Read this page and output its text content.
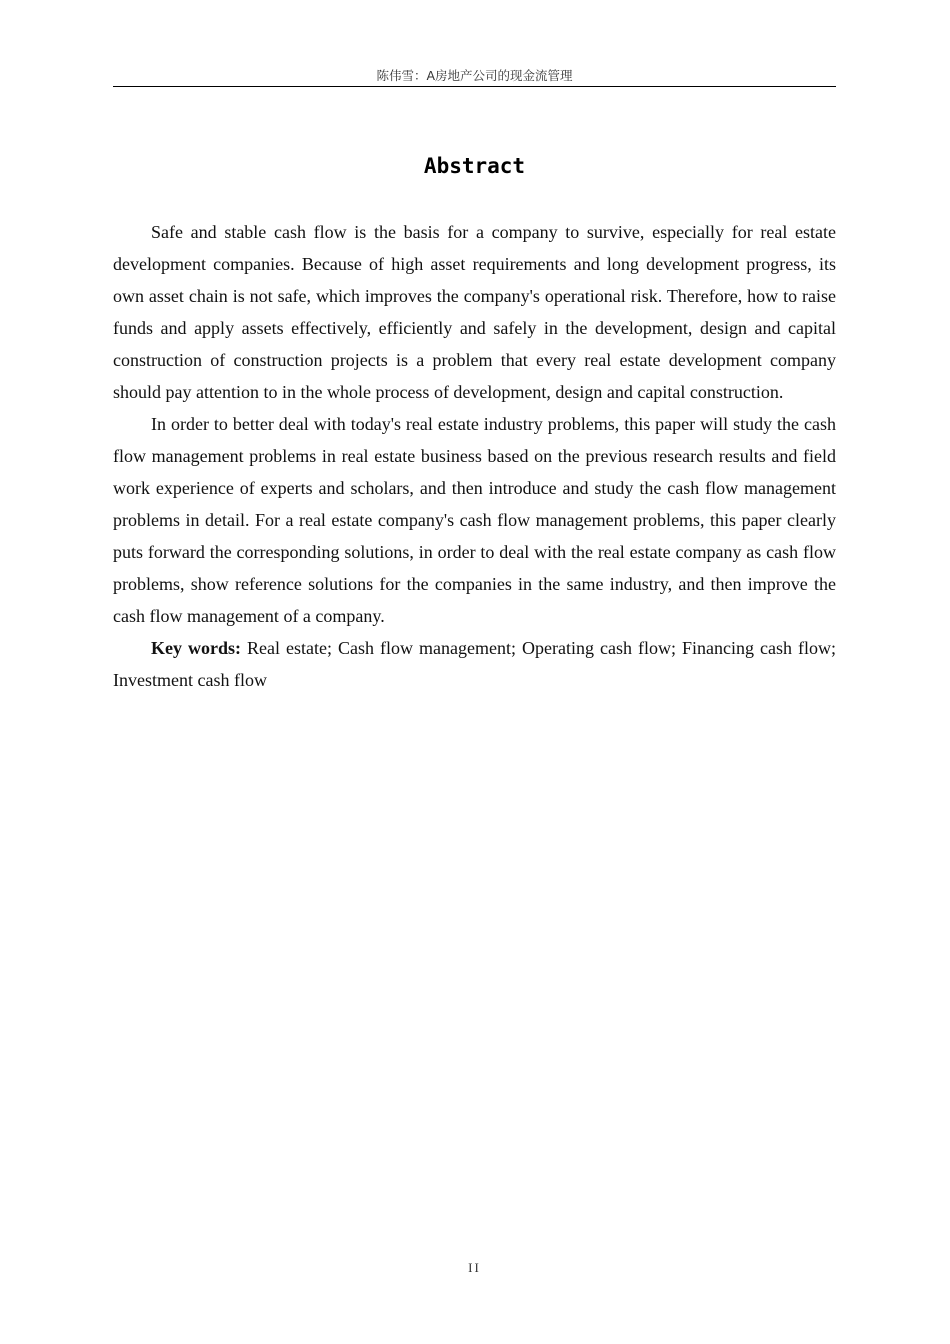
陈伟雪：A房地产公司的现金流管理
Abstract

Safe and stable cash flow is the basis for a company to survive, especially for real estate development companies. Because of high asset requirements and long development progress, its own asset chain is not safe, which improves the company's operational risk. Therefore, how to raise funds and apply assets effectively, efficiently and safely in the development, design and capital construction of construction projects is a problem that every real estate development company should pay attention to in the whole process of development, design and capital construction.

In order to better deal with today's real estate industry problems, this paper will study the cash flow management problems in real estate business based on the previous research results and field work experience of experts and scholars, and then introduce and study the cash flow management problems in detail. For a real estate company's cash flow management problems, this paper clearly puts forward the corresponding solutions, in order to deal with the real estate company as cash flow problems, show reference solutions for the companies in the same industry, and then improve the cash flow management of a company.

Key words: Real estate; Cash flow management; Operating cash flow; Financing cash flow; Investment cash flow

II
